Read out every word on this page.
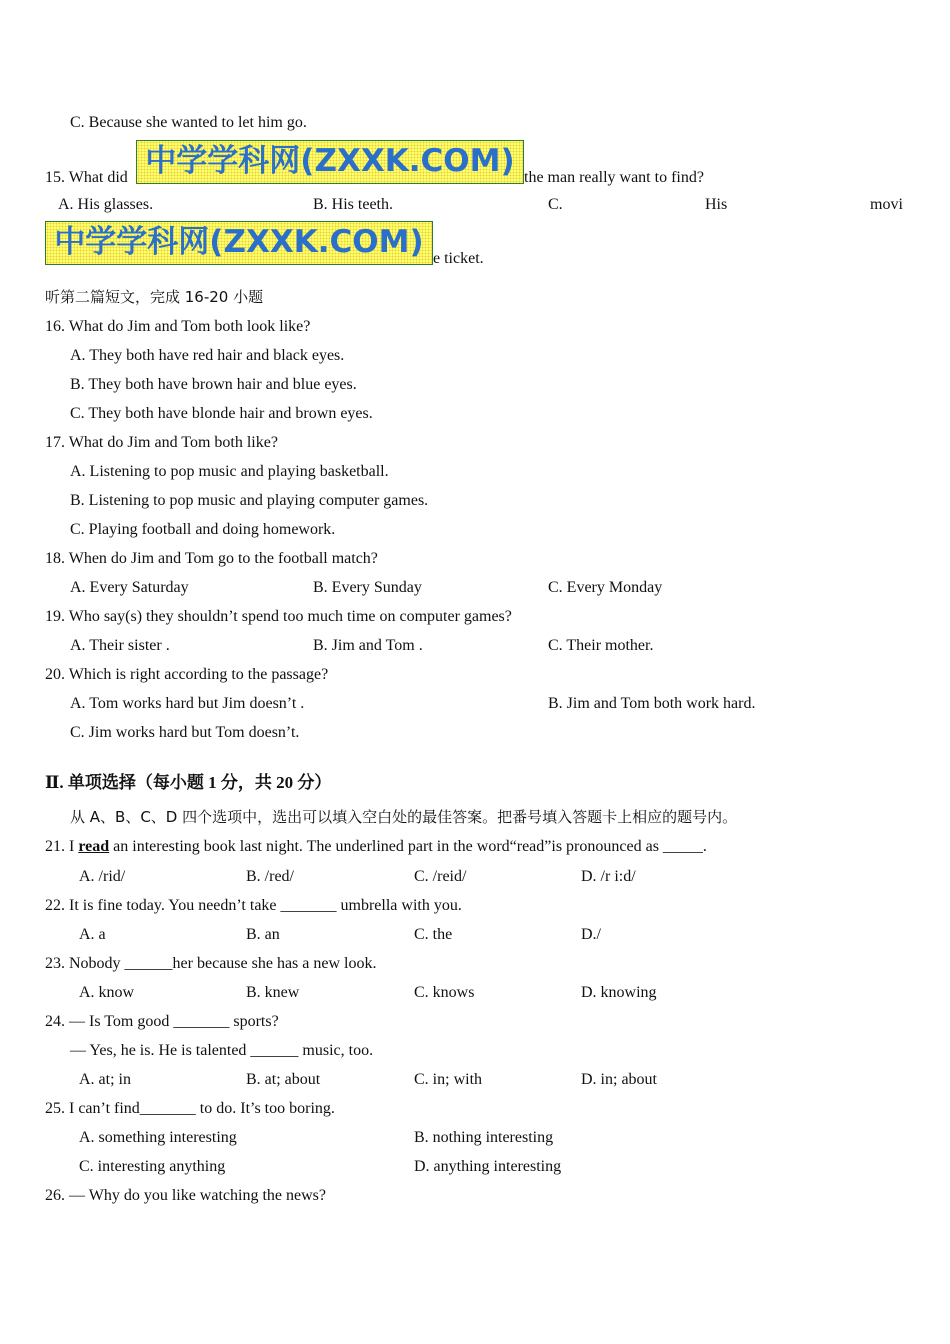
C. Because she wanted to let him go.
15. What did 中学学科网(ZXXK.COM) the man really want to find?
A. His glasses.	B. His teeth.	C.	His	movi
中学学科网(ZXXK.COM) e ticket.
听第二篇短文，完成 16-20 小题
16. What do Jim and Tom both look like?
A. They both have red hair and black eyes.
B. They both have brown hair and blue eyes.
C. They both have blonde hair and brown eyes.
17. What do Jim and Tom both like?
A. Listening to pop music and playing basketball.
B. Listening to pop music and playing computer games.
C. Playing football and doing homework.
18. When do Jim and Tom go to the football match?
A. Every Saturday	B. Every Sunday	C. Every Monday
19. Who say(s) they shouldn’t spend too much time on computer games?
A. Their sister .	B. Jim and Tom .	C. Their mother.
20. Which is right according to the passage?
A. Tom works hard but Jim doesn’t .	B. Jim and Tom both work hard.
C. Jim works hard but Tom doesn’t.
Ⅱ. 单项选择（每小题 1 分，共 20 分）
从 A、B、C、D 四个选项中，选出可以填入空白处的最佳答案。把番号填入答题卡上相应的题号内。
21. I read an interesting book last night. The underlined part in the word“read”is pronounced as _____.
A. /rid/	B. /red/	C. /reid/	D. /r i:d/
22. It is fine today. You needn’t take _______ umbrella with you.
A. a	B. an	C. the	D./
23. Nobody ______her because she has a new look.
A. know	B. knew	C. knows	D. knowing
24. — Is Tom good _______ sports?
— Yes, he is. He is talented ______ music, too.
A. at; in	B. at; about	C. in; with	D. in; about
25. I can’t find_______ to do. It’s too boring.
A. something interesting	B. nothing interesting
C. interesting anything	D. anything interesting
26. — Why do you like watching the news?
